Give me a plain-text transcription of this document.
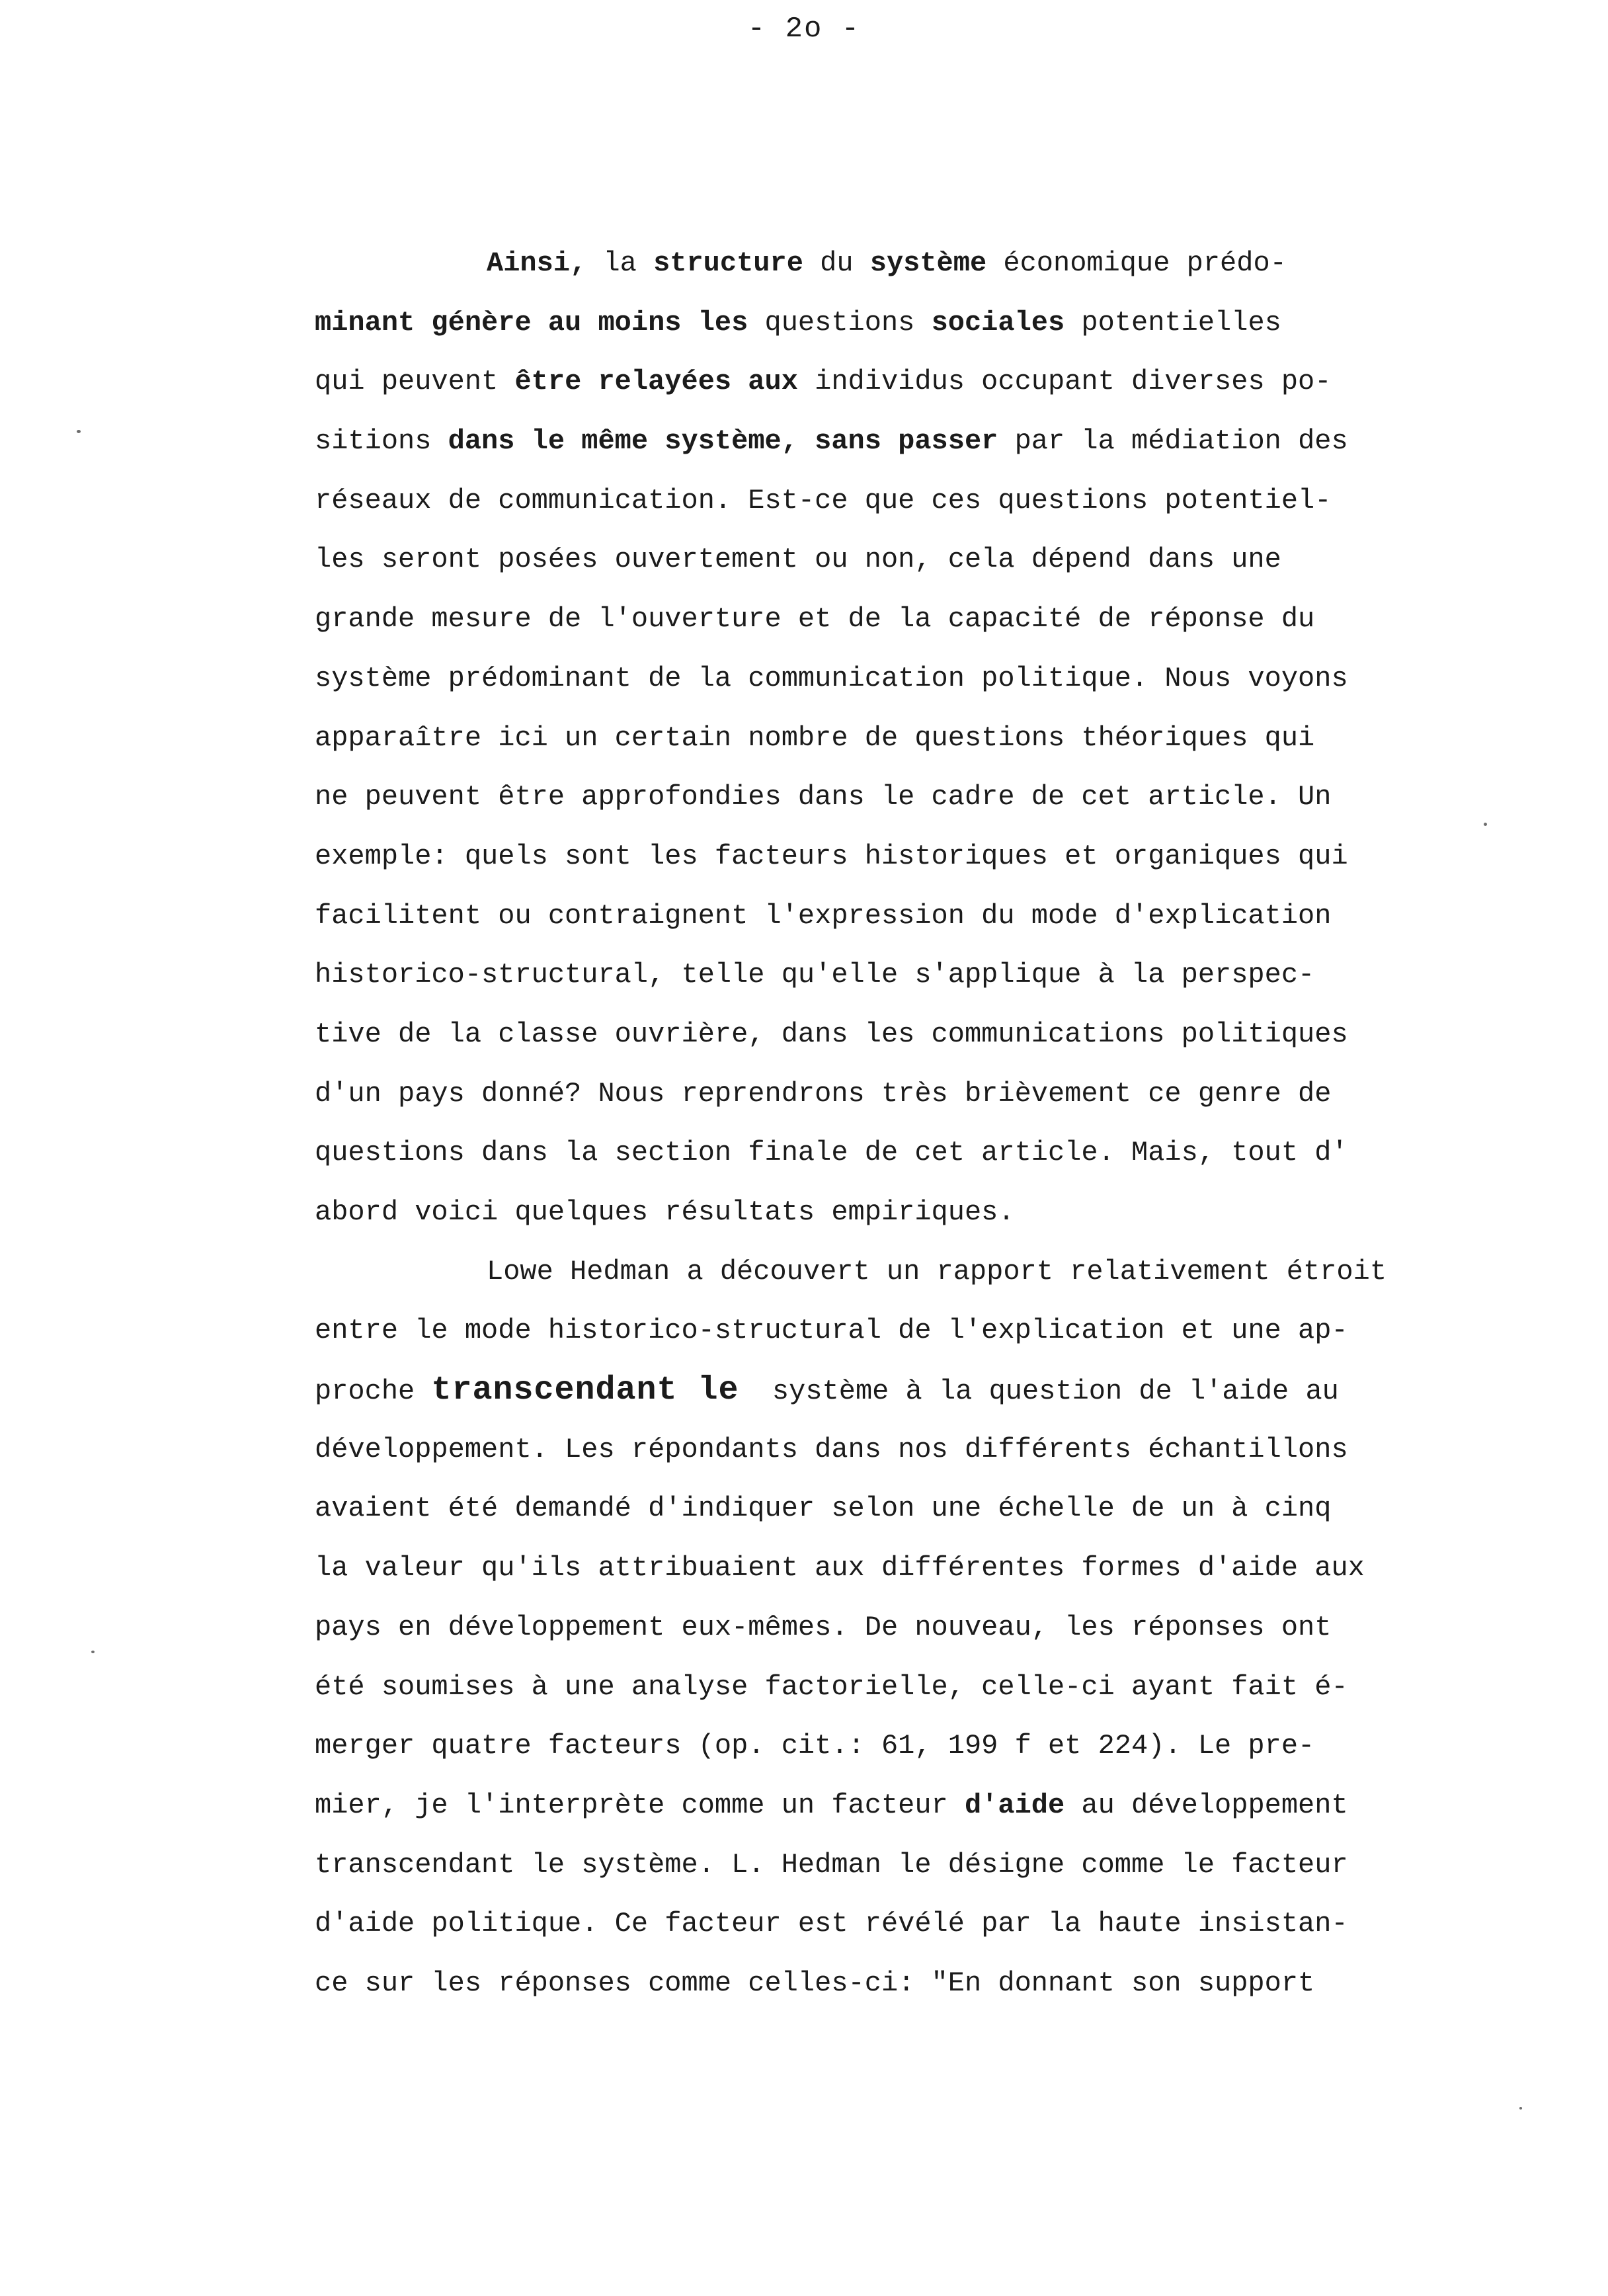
- 2o -
Ainsi, la structure du système économique prédo-
minant génère au moins les questions sociales potentielles
qui peuvent être relayées aux individus occupant diverses po-
sitions dans le même système, sans passer par la médiation des
réseaux de communication. Est-ce que ces questions potentiel-
les seront posées ouvertement ou non, cela dépend dans une
grande mesure de l'ouverture et de la capacité de réponse du
système prédominant de la communication politique. Nous voyons
apparaître ici un certain nombre de questions théoriques qui
ne peuvent être approfondies dans le cadre de cet article. Un
exemple: quels sont les facteurs historiques et organiques qui
facilitent ou contraignent l'expression du mode d'explication
historico-structural, telle qu'elle s'applique à la perspec-
tive de la classe ouvrière, dans les communications politiques
d'un pays donné? Nous reprendrons très brièvement ce genre de
questions dans la section finale de cet article. Mais, tout d'
abord voici quelques résultats empiriques.
Lowe Hedman a découvert un rapport relativement étroit
entre le mode historico-structural de l'explication et une ap-
proche transcendant le  système à la question de l'aide au
développement. Les répondants dans nos différents échantillons
avaient été demandé d'indiquer selon une échelle de un à cinq
la valeur qu'ils attribuaient aux différentes formes d'aide aux
pays en développement eux-mêmes. De nouveau, les réponses ont
été soumises à une analyse factorielle, celle-ci ayant fait é-
merger quatre facteurs (op. cit.: 61, 199 f et 224). Le pre-
mier, je l'interprète comme un facteur d'aide au développement
transcendant le système. L. Hedman le désigne comme le facteur
d'aide politique. Ce facteur est révélé par la haute insistan-
ce sur les réponses comme celles-ci: "En donnant son support
